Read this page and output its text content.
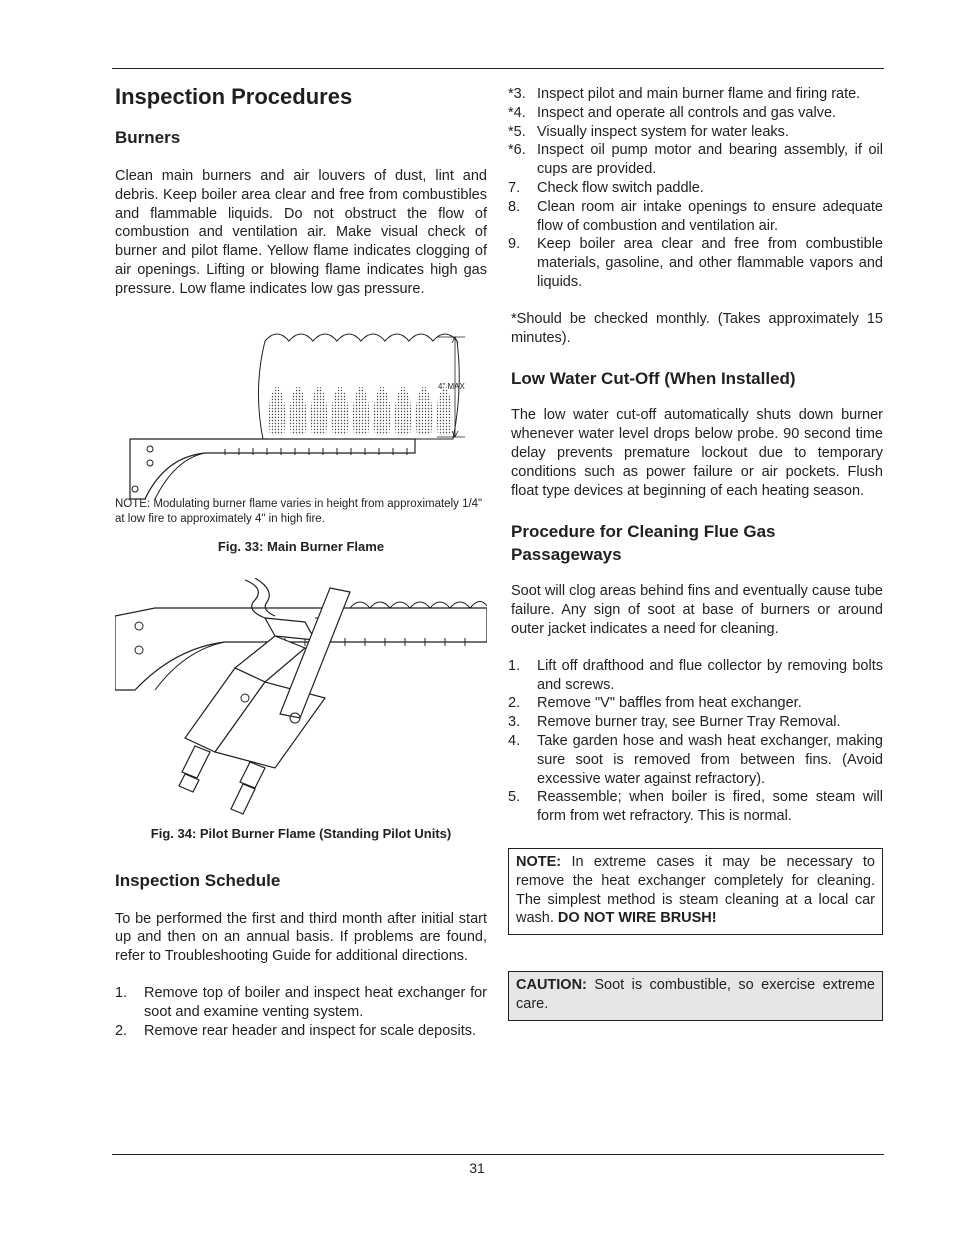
Inspection Procedures
Burners

Clean main burners and air louvers of dust, lint and debris. Keep boiler area clear and free from combustibles and flammable liquids. Do not obstruct the flow of combustion and ventilation air. Make visual check of burner and pilot flame. Yellow flame indicates clogging of air openings. Lifting or blowing flame indicates high gas pressure. Low flame indicates low gas pressure.

4" MAX

NOTE: Modulating burner flame varies in height from approximately 1/4" at low fire to approximately 4" in high fire.

Fig. 33: Main Burner Flame
Fig. 34: Pilot Burner Flame (Standing Pilot Units)
Inspection Schedule

To be performed the first and third month after initial start up and then on an annual basis. If problems are found, refer to Troubleshooting Guide for additional directions.

1. Remove top of boiler and inspect heat exchanger for soot and examine venting system.
2. Remove rear header and inspect for scale deposits.
*3. Inspect pilot and main burner flame and firing rate.
*4. Inspect and operate all controls and gas valve.
*5. Visually inspect system for water leaks.
*6. Inspect oil pump motor and bearing assembly, if oil cups are provided.
7. Check flow switch paddle.
8. Clean room air intake openings to ensure adequate flow of combustion and ventilation air.
9. Keep boiler area clear and free from combustible materials, gasoline, and other flammable vapors and liquids.

*Should be checked monthly. (Takes approximately 15 minutes).

Low Water Cut-Off (When Installed)

The low water cut-off automatically shuts down burner whenever water level drops below probe. 90 second time delay prevents premature lockout due to temporary conditions such as power failure or air pockets. Flush float type devices at beginning of each heating season.

Procedure for Cleaning Flue Gas Passageways

Soot will clog areas behind fins and eventually cause tube failure. Any sign of soot at base of burners or around outer jacket indicates a need for cleaning.

1. Lift off drafthood and flue collector by removing bolts and screws.
2. Remove "V" baffles from heat exchanger.
3. Remove burner tray, see Burner Tray Removal.
4. Take garden hose and wash heat exchanger, making sure soot is removed from between fins. (Avoid excessive water against refractory).
5. Reassemble; when boiler is fired, some steam will form from wet refractory. This is normal.
NOTE: In extreme cases it may be necessary to remove the heat exchanger completely for cleaning. The simplest method is steam cleaning at a local car wash. DO NOT WIRE BRUSH!
CAUTION: Soot is combustible, so exercise extreme care.
31
